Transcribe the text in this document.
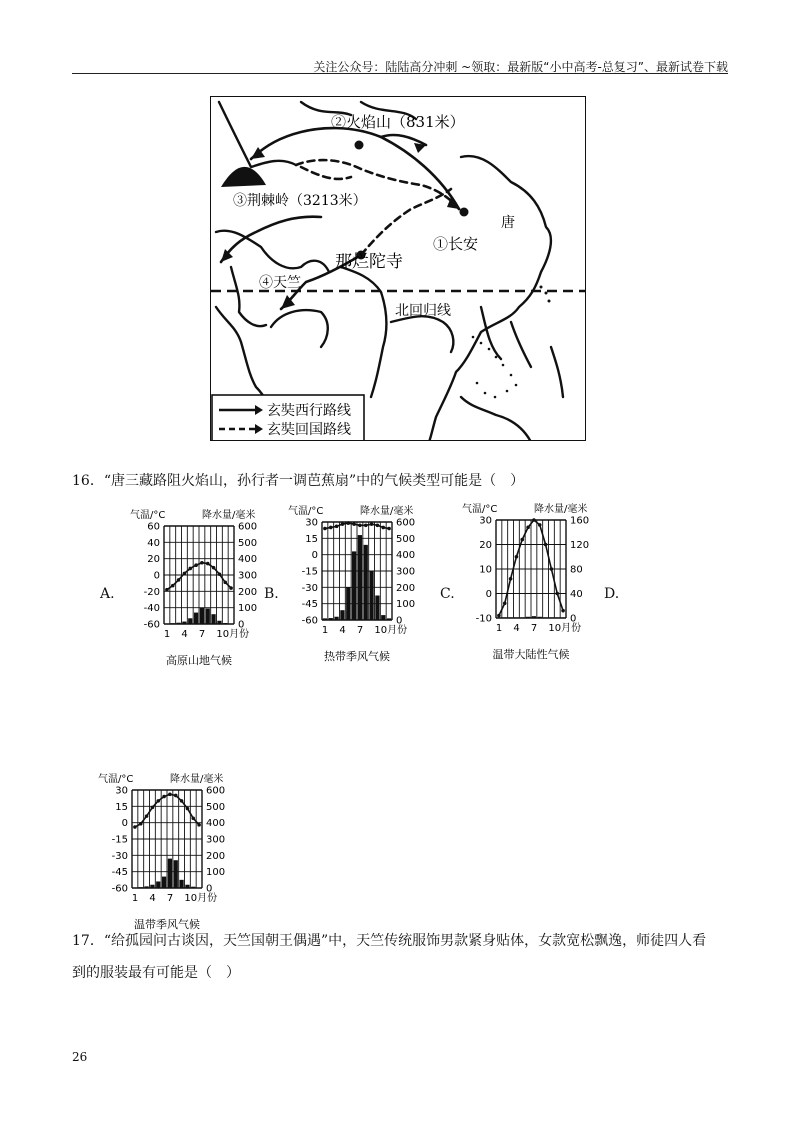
关注公众号：陆陆高分冲刺 ~领取：最新版“小中高考-总复习”、最新试卷下载
②火焰山（831米）
③荆棘岭（3213米）
唐
①长安
那烂陀寺
④天竺
北回归线
玄奘西行路线
玄奘回国路线
16．“唐三藏路阻火焰山，孙行者一调芭蕉扇”中的气候类型可能是（　）
A.	B.	C.	D.
气温/°C	降水量/毫米
60	600
40	500
20	400
0	300
-20	200
-40	100
-60	0
1 4 7 10月份
高原山地气候
气温/°C	降水量/毫米
30	600
15	500
0	400
-15	300
-30	200
-45	100
-60	0
1 4 7 10月份
热带季风气候
气温/°C	降水量/毫米
30	160
20	120
10	80
0	40
-10	0
1 4 7 10月份
温带大陆性气候
气温/°C	降水量/毫米
30	600
15	500
0	400
-15	300
-30	200
-45	100
-60	0
1 4 7 10月份
温带季风气候
17．“给孤园问古谈因，天竺国朝王偶遇”中，天竺传统服饰男款紧身贴体，女款宽松飘逸，师徒四人看
到的服装最有可能是（　）
26
